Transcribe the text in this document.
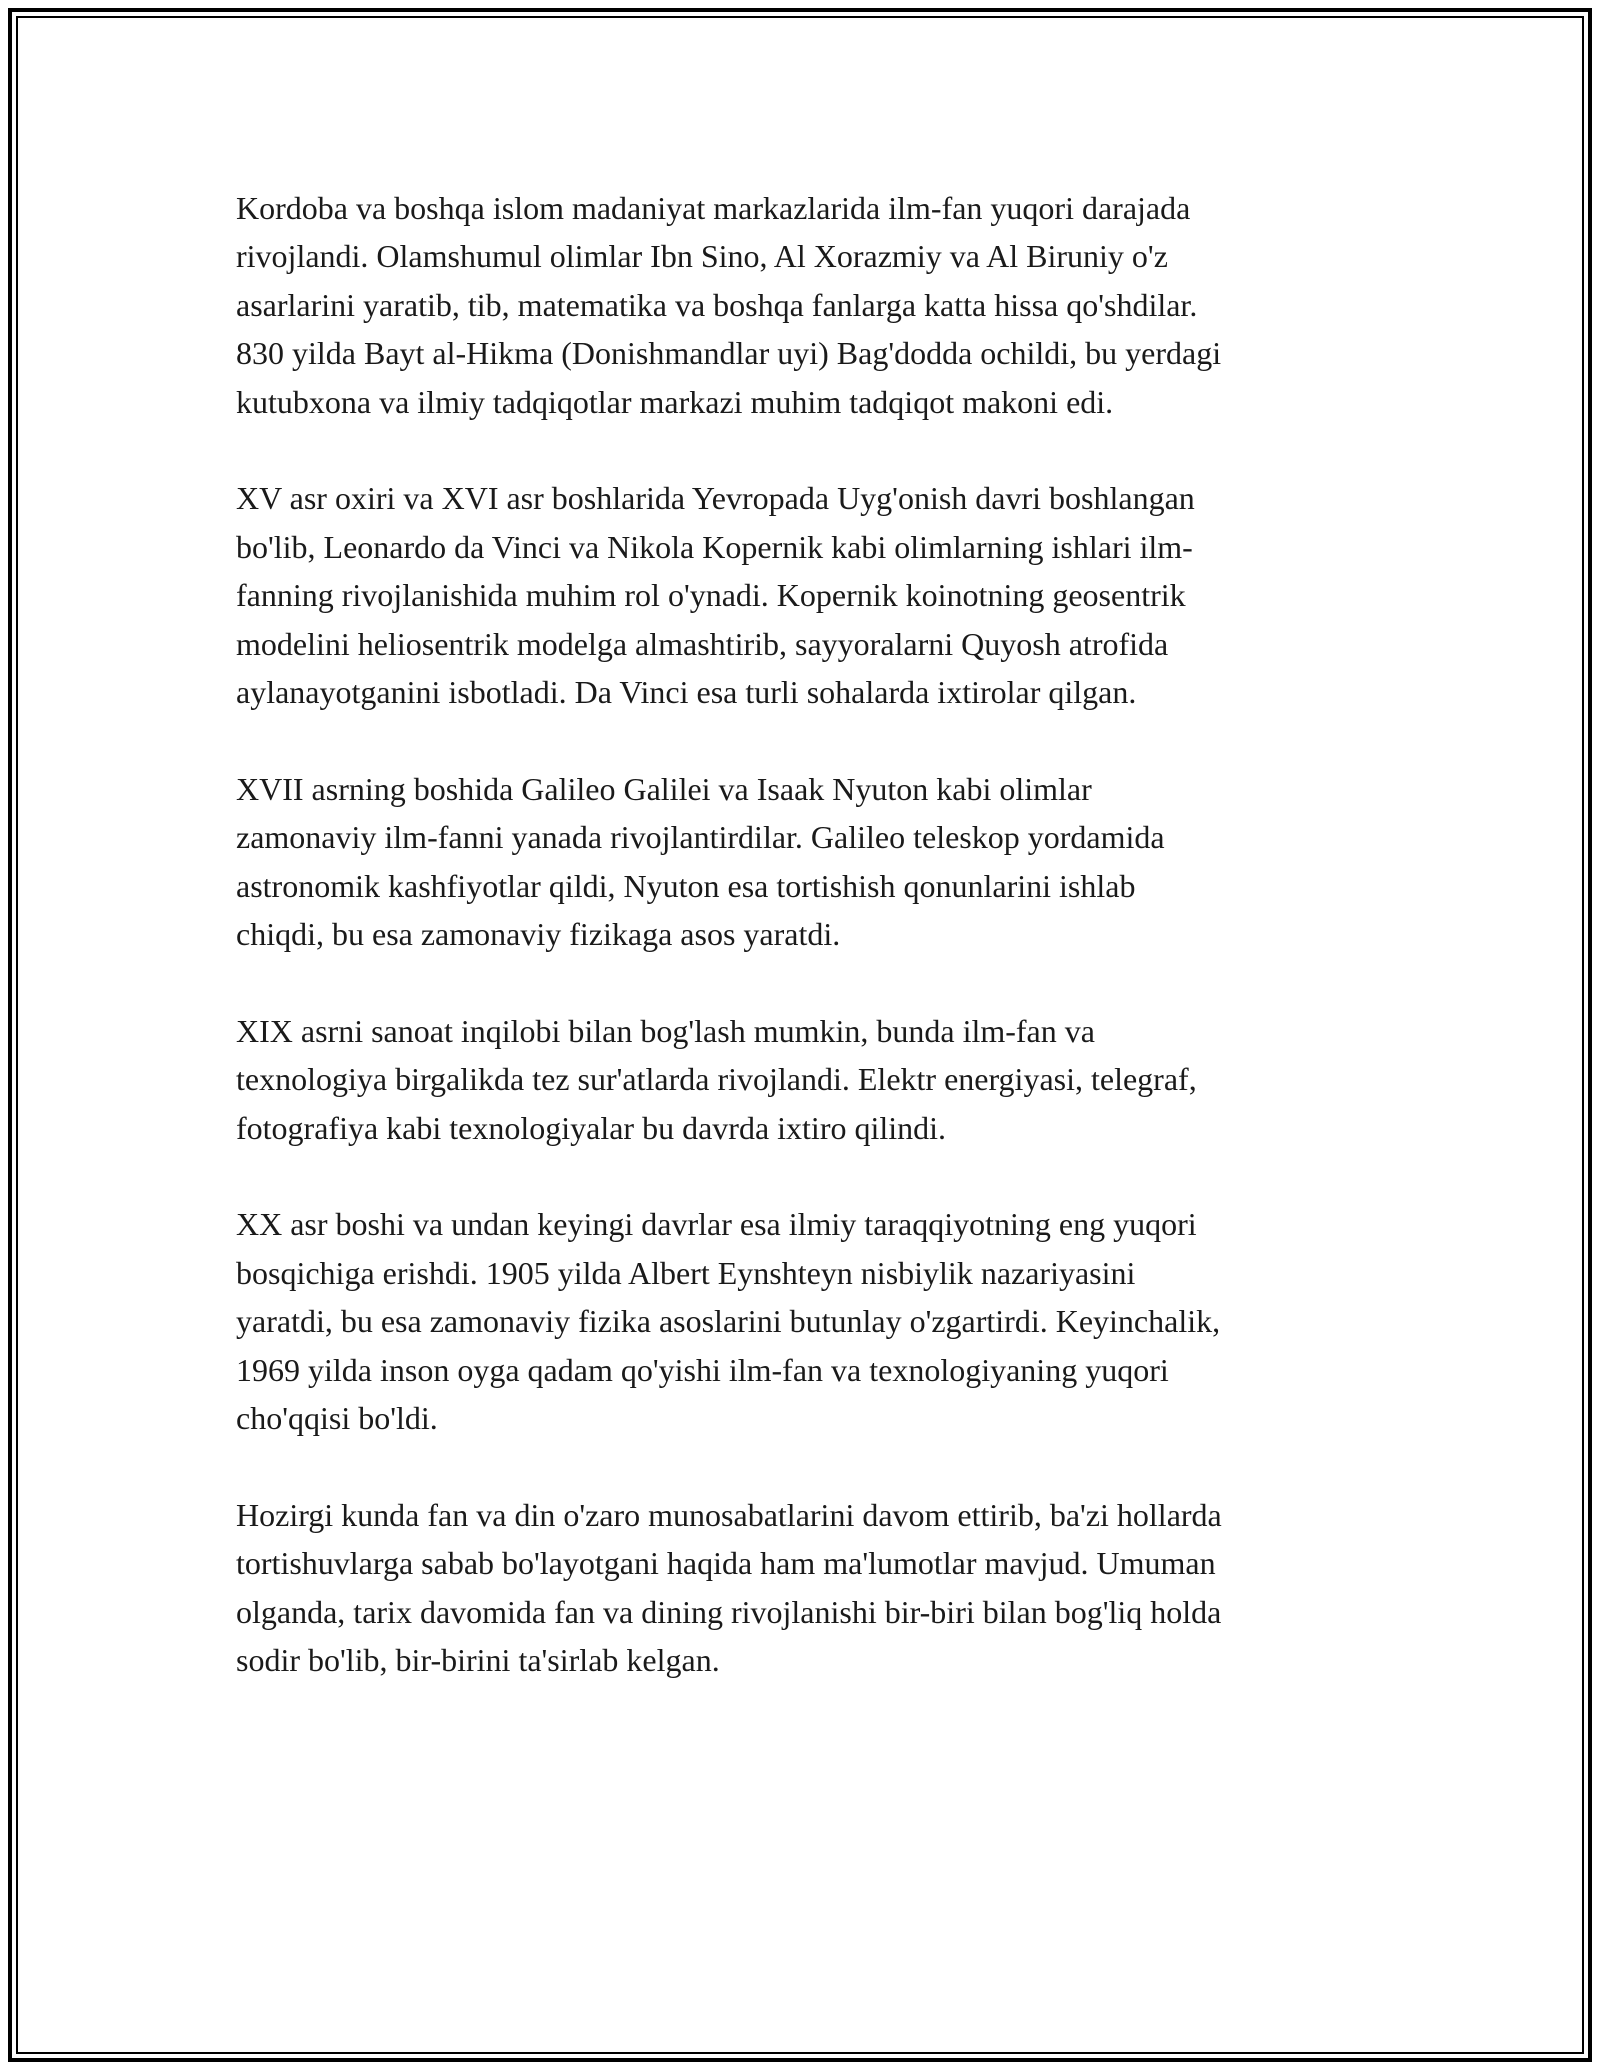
Kordoba va boshqa islom madaniyat markazlarida ilm-fan yuqori darajada
rivojlandi. Olamshumul olimlar Ibn Sino, Al Xorazmiy va Al Biruniy o'z
asarlarini yaratib, tib, matematika va boshqa fanlarga katta hissa qo'shdilar.
830 yilda Bayt al-Hikma (Donishmandlar uyi) Bag'dodda ochildi, bu yerdagi
kutubxona va ilmiy tadqiqotlar markazi muhim tadqiqot makoni edi.

XV asr oxiri va XVI asr boshlarida Yevropada Uyg'onish davri boshlangan
bo'lib, Leonardo da Vinci va Nikola Kopernik kabi olimlarning ishlari ilm-
fanning rivojlanishida muhim rol o'ynadi. Kopernik koinotning geosentrik
modelini heliosentrik modelga almashtirib, sayyoralarni Quyosh atrofida
aylanayotganini isbotladi. Da Vinci esa turli sohalarda ixtirolar qilgan.

XVII asrning boshida Galileo Galilei va Isaak Nyuton kabi olimlar
zamonaviy ilm-fanni yanada rivojlantirdilar. Galileo teleskop yordamida
astronomik kashfiyotlar qildi, Nyuton esa tortishish qonunlarini ishlab
chiqdi, bu esa zamonaviy fizikaga asos yaratdi.

XIX asrni sanoat inqilobi bilan bog'lash mumkin, bunda ilm-fan va
texnologiya birgalikda tez sur'atlarda rivojlandi. Elektr energiyasi, telegraf,
fotografiya kabi texnologiyalar bu davrda ixtiro qilindi.

XX asr boshi va undan keyingi davrlar esa ilmiy taraqqiyotning eng yuqori
bosqichiga erishdi. 1905 yilda Albert Eynshteyn nisbiylik nazariyasini
yaratdi, bu esa zamonaviy fizika asoslarini butunlay o'zgartirdi. Keyinchalik,
1969 yilda inson oyga qadam qo'yishi ilm-fan va texnologiyaning yuqori
cho'qqisi bo'ldi.

Hozirgi kunda fan va din o'zaro munosabatlarini davom ettirib, ba'zi hollarda
tortishuvlarga sabab bo'layotgani haqida ham ma'lumotlar mavjud. Umuman
olganda, tarix davomida fan va dining rivojlanishi bir-biri bilan bog'liq holda
sodir bo'lib, bir-birini ta'sirlab kelgan.
